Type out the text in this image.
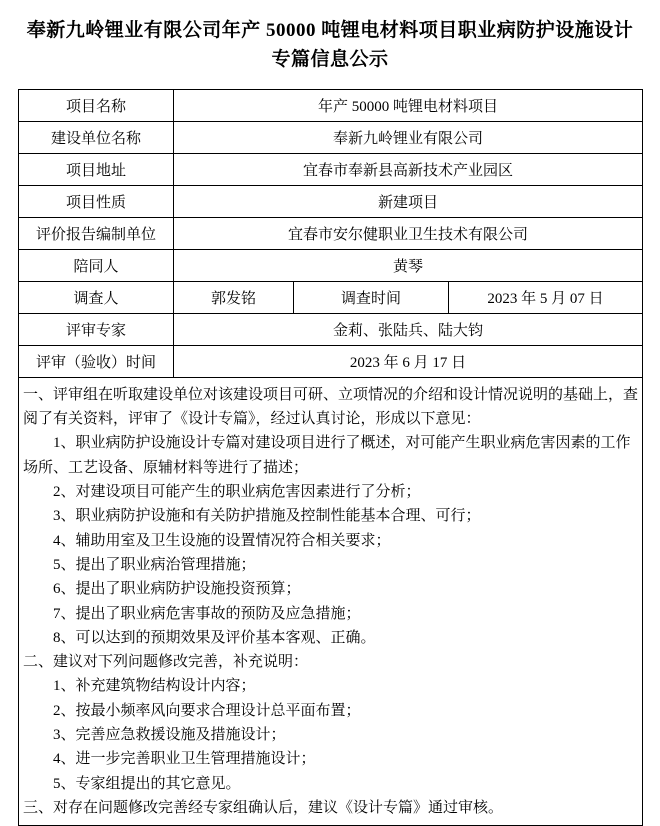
奉新九岭锂业有限公司年产 50000 吨锂电材料项目职业病防护设施设计专篇信息公示
项目名称	年产 50000 吨锂电材料项目		
建设单位名称	奉新九岭锂业有限公司		
项目地址	宜春市奉新县高新技术产业园区		
项目性质	新建项目		
评价报告编制单位	宜春市安尔健职业卫生技术有限公司		
陪同人	黄琴		
调查人	郭发铭	调查时间	2023 年 5 月 07 日
评审专家	金莉、张陆兵、陆大钧		
评审（验收）时间	2023 年 6 月 17 日		

一、评审组在听取建设单位对该建设项目可研、立项情况的介绍和设计情况说明的基础上，查阅了有关资料，评审了《设计专篇》，经过认真讨论，形成以下意见：

1、职业病防护设施设计专篇对建设项目进行了概述，对可能产生职业病危害因素的工作场所、工艺设备、原辅材料等进行了描述；

2、对建设项目可能产生的职业病危害因素进行了分析；

3、职业病防护设施和有关防护措施及控制性能基本合理、可行；

4、辅助用室及卫生设施的设置情况符合相关要求；

5、提出了职业病治管理措施；

6、提出了职业病防护设施投资预算；

7、提出了职业病危害事故的预防及应急措施；

8、可以达到的预期效果及评价基本客观、正确。

二、建议对下列问题修改完善，补充说明：

1、补充建筑物结构设计内容；

2、按最小频率风向要求合理设计总平面布置；

3、完善应急救援设施及措施设计；

4、进一步完善职业卫生管理措施设计；

5、专家组提出的其它意见。

三、对存在问题修改完善经专家组确认后，建议《设计专篇》通过审核。
